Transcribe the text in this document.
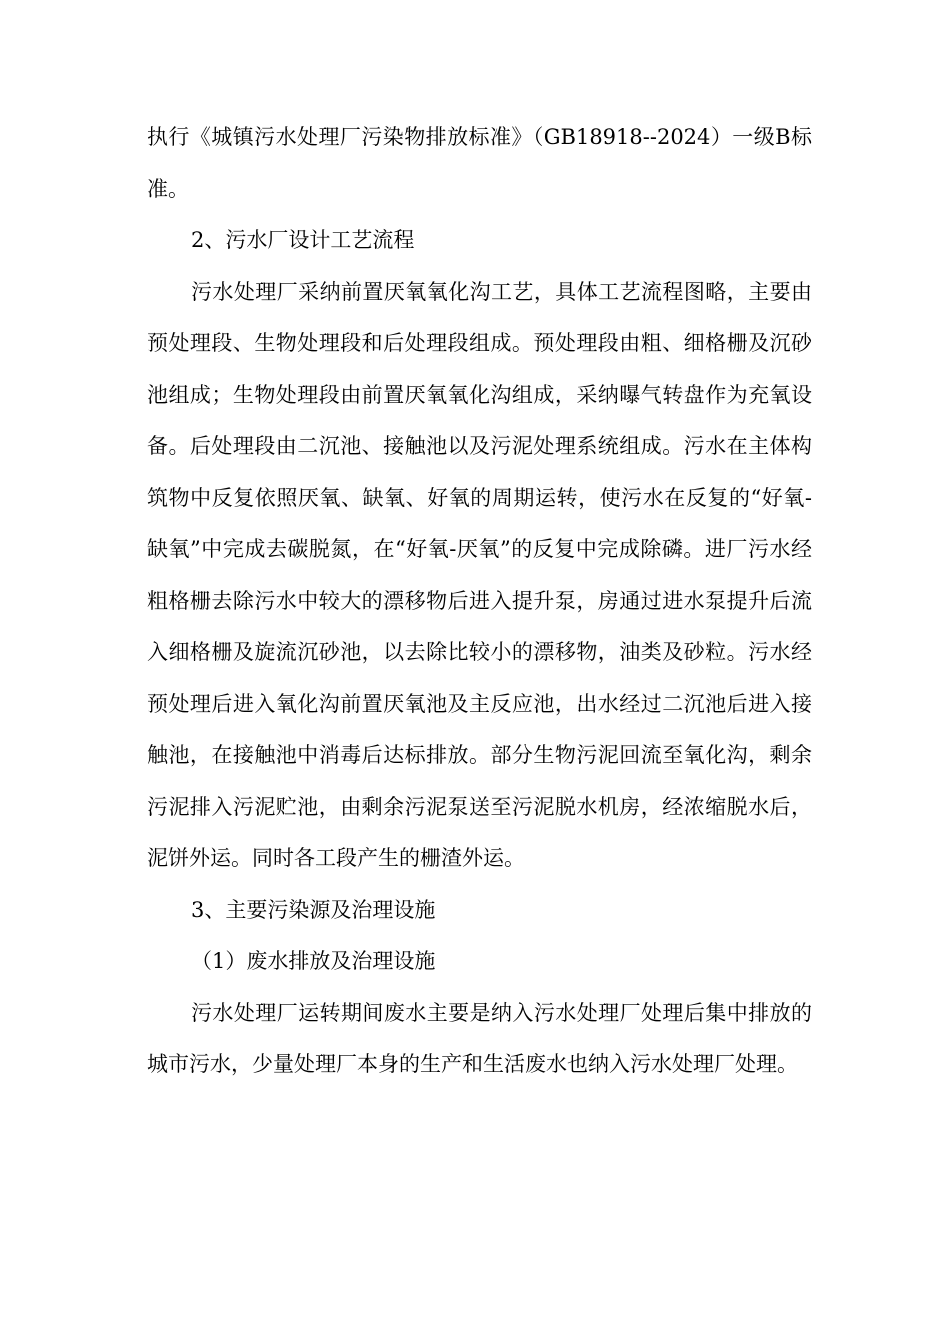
执行《城镇污水处理厂污染物排放标准》（GB18918--2024）一级B标准。

2、污水厂设计工艺流程

污水处理厂采纳前置厌氧氧化沟工艺，具体工艺流程图略，主要由预处理段、生物处理段和后处理段组成。预处理段由粗、细格栅及沉砂池组成；生物处理段由前置厌氧氧化沟组成，采纳曝气转盘作为充氧设备。后处理段由二沉池、接触池以及污泥处理系统组成。污水在主体构筑物中反复依照厌氧、缺氧、好氧的周期运转，使污水在反复的“好氧-缺氧”中完成去碳脱氮，在“好氧-厌氧”的反复中完成除磷。进厂污水经粗格栅去除污水中较大的漂移物后进入提升泵，房通过进水泵提升后流入细格栅及旋流沉砂池，以去除比较小的漂移物，油类及砂粒。污水经预处理后进入氧化沟前置厌氧池及主反应池，出水经过二沉池后进入接触池，在接触池中消毒后达标排放。部分生物污泥回流至氧化沟，剩余污泥排入污泥贮池，由剩余污泥泵送至污泥脱水机房，经浓缩脱水后，泥饼外运。同时各工段产生的栅渣外运。

3、主要污染源及治理设施

（1）废水排放及治理设施

污水处理厂运转期间废水主要是纳入污水处理厂处理后集中排放的城市污水，少量处理厂本身的生产和生活废水也纳入污水处理厂处理。
